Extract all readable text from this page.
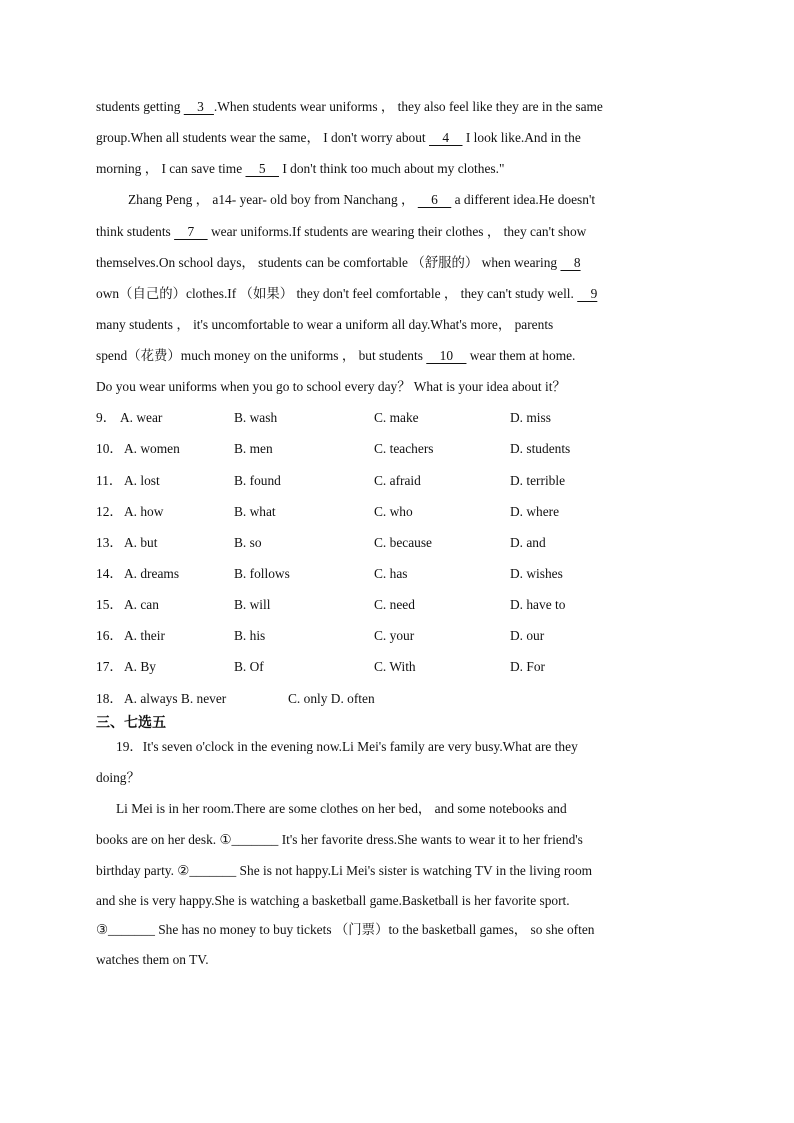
students getting     3   .When students wear uniforms ， they also feel like they are in the same
group.When all students wear the same， I don't worry about     4     I look like.And in the
morning ， I can save time     5     I don't think too much about my clothes."
Zhang Peng ， a14- year- old boy from Nanchang ，     6     a different idea.He doesn't
think students     7     wear uniforms.If students are wearing their clothes ， they can't show
themselves.On school days， students can be comfortable （舒服的） when wearing     8
own（自己的）clothes.If （如果） they don't feel comfortable ， they can't study well.     9
many students ， it's uncomfortable to wear a uniform all day.What's more， parents
spend（花费）much money on the uniforms ， but students     10     wear them at home.
Do you wear uniforms when you go to school every day？ What is your idea about it？
9． A. wear	B. wash	C. make	D. miss
10． A. women	B. men	C. teachers	D. students
11． A. lost	B. found	C. afraid	D. terrible
12． A. how	B. what	C. who	D. where
13． A. but	B. so	C. because	D. and
14． A. dreams	B. follows	C. has	D. wishes
15． A. can	B. will	C. need	D. have to
16． A. their	B. his	C. your	D. our
17． A. By	B. Of	C. With	D. For
18． A. always B. never	C. only D. often
三、七选五
19．It's seven o'clock in the evening now.Li Mei's family are very busy.What are they
doing？
Li Mei is in her room.There are some clothes on her bed， and some notebooks and
books are on her desk. ①_______ It's her favorite dress.She wants to wear it to her friend's
birthday party. ②_______ She is not happy.Li Mei's sister is watching TV in the living room
and she is very happy.She is watching a basketball game.Basketball is her favorite sport.
③_______ She has no money to buy tickets （门票）to the basketball games， so she often
watches them on TV.
